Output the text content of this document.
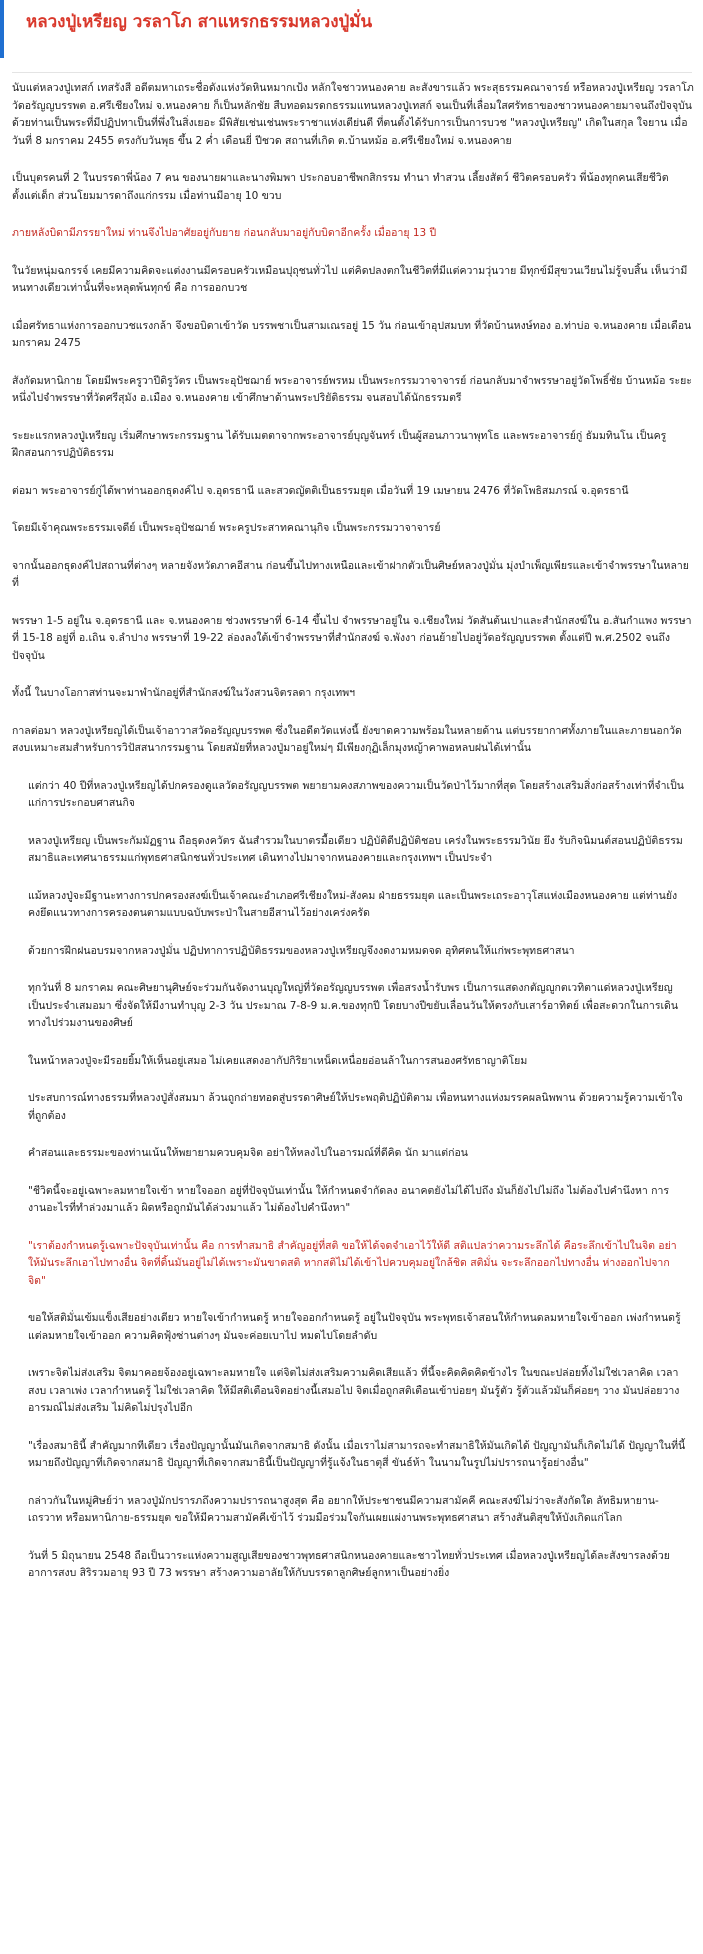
หลวงปู่เหรียญ วรลาโภ สาแหรกธรรมหลวงปู่มั่น

นับแต่หลวงปู่เทสก์ เทสรังสี อดีตมหาเถระชื่อดังแห่งวัดหินหมากเป้ง หลักใจชาวหนองคาย ละสังขารแล้ว พระสุธรรมคณาจารย์ หรือหลวงปู่เหรียญ วรลาโภ วัดอรัญญบรรพต อ.ศรีเชียงใหม่ จ.หนองคาย ก็เป็นหลักชัย สืบทอดมรดกธรรมแทนหลวงปู่เทสก์ จนเป็นที่เลื่อมใสศรัทธาของชาวหนองคายมาจนถึงปัจจุบัน ด้วยท่านเป็นพระที่มีปฏิปทาเป็นที่พึ่งในสิ่งเยอะ มีพิสัยเช่นเช่นพระราชาแห่งเตีย่นตี ที่ตนตั้งได้รับการเป็นการบวช "หลวงปู่เหรียญ" เกิดในสกุล ใจยาน เมื่อวันที่ 8 มกราคม 2455 ตรงกับวันพุธ ขึ้น 2 ค่ำ เดือนยี่ ปีชวด สถานที่เกิด ต.บ้านหม้อ อ.ศรีเชียงใหม่ จ.หนองคาย

เป็นบุตรคนที่ 2 ในบรรดาพี่น้อง 7 คน ของนายผาและนางพิมพา ประกอบอาชีพกสิกรรม ทำนา ทำสวน เลี้ยงสัตว์ ชีวิตครอบครัว พี่น้องทุกคนเสียชีวิตตั้งแต่เด็ก ส่วนโยมมารดาถึงแก่กรรม เมื่อท่านมีอายุ 10 ขวบ

ภายหลังบิดามีภรรยาใหม่ ท่านจึงไปอาศัยอยู่กับยาย ก่อนกลับมาอยู่กับบิดาอีกครั้ง เมื่ออายุ 13 ปี

ในวัยหนุ่มฉกรรจ์ เคยมีความคิดจะแต่งงานมีครอบครัวเหมือนปุถุชนทั่วไป แต่คิดปลงตกในชีวิตที่มีแต่ความวุ่นวาย มีทุกข์มีสุขวนเวียนไม่รู้จบสิ้น เห็นว่ามีหนทางเดียวเท่านั้นที่จะหลุดพ้นทุกข์ คือ การออกบวช

เมื่อศรัทธาแห่งการออกบวชแรงกล้า จึงขอบิดาเข้าวัด บรรพชาเป็นสามเณรอยู่ 15 วัน ก่อนเข้าอุปสมบท ที่วัดบ้านหงษ์ทอง อ.ท่าบ่อ จ.หนองคาย เมื่อเดือนมกราคม 2475

สังกัดมหานิกาย โดยมีพระครูวาปีดิรูวัตร เป็นพระอุปัชฌาย์ พระอาจารย์พรหม เป็นพระกรรมวาจาจารย์ ก่อนกลับมาจำพรรษาอยู่วัดโพธิ์ชัย บ้านหม้อ ระยะหนึ่งไปจำพรรษาที่วัดศรีสุมัง อ.เมือง จ.หนองคาย เข้าศึกษาด้านพระปริยัติธรรม จนสอบได้นักธรรมตรี

ระยะแรกหลวงปู่เหรียญ เริ่มศึกษาพระกรรมฐาน ได้รับเมตตาจากพระอาจารย์บุญจันทร์ เป็นผู้สอนภาวนาพุทโธ และพระอาจารย์กู่ ธัมมทินโน เป็นครูฝึกสอนการปฏิบัติธรรม

ต่อมา พระอาจารย์กู่ได้พาท่านออกธุดงค์ไป จ.อุดรธานี และสวดญัตติเป็นธรรมยุต เมื่อวันที่ 19 เมษายน 2476 ที่วัดโพธิสมภรณ์ จ.อุดรธานี

โดยมีเจ้าคุณพระธรรมเจดีย์ เป็นพระอุปัชฌาย์ พระครูประสาทคณานุกิจ เป็นพระกรรมวาจาจารย์

จากนั้นออกธุดงค์ไปสถานที่ต่างๆ หลายจังหวัดภาคอีสาน ก่อนขึ้นไปทางเหนือและเข้าฝากตัวเป็นศิษย์หลวงปู่มั่น มุ่งบำเพ็ญเพียรและเข้าจำพรรษาในหลายที่

พรรษา 1-5 อยู่ใน จ.อุดรธานี และ จ.หนองคาย ช่วงพรรษาที่ 6-14 ขึ้นไป จำพรรษาอยู่ใน จ.เชียงใหม่ วัดสันต้นเปาและสำนักสงฆ์ใน อ.สันกำแพง พรรษาที่ 15-18 อยู่ที่ อ.เถิน จ.ลำปาง พรรษาที่ 19-22 ล่องลงใต้เข้าจำพรรษาที่สำนักสงฆ์ จ.พังงา ก่อนย้ายไปอยู่วัดอรัญญบรรพต ตั้งแต่ปี พ.ศ.2502 จนถึงปัจจุบัน

ทั้งนี้ ในบางโอกาสท่านจะมาพำนักอยู่ที่สำนักสงฆ์ในวังสวนจิตรลดา กรุงเทพฯ

กาลต่อมา หลวงปู่เหรียญได้เป็นเจ้าอาวาสวัดอรัญญบรรพต ซึ่งในอดีตวัดแห่งนี้ ยังขาดความพร้อมในหลายด้าน แต่บรรยากาศทั้งภายในและภายนอกวัดสงบเหมาะสมสำหรับการวิปัสสนากรรมฐาน โดยสมัยที่หลวงปู่มาอยู่ใหม่ๆ มีเพียงกุฏิเล็กมุงหญ้าคาพอหลบฝนได้เท่านั้น

แต่กว่า 40 ปีที่หลวงปู่เหรียญได้ปกครองดูแลวัดอรัญญบรรพต พยายามคงสภาพของความเป็นวัดป่าไว้มากที่สุด โดยสร้างเสริมสิ่งก่อสร้างเท่าที่จำเป็นแก่การประกอบศาสนกิจ

หลวงปู่เหรียญ เป็นพระกัมมัฏฐาน ถือธุดงควัตร ฉันสำรวมในบาตรมื้อเดียว ปฏิบัติดีปฏิบัติชอบ เคร่งในพระธรรมวินัย ยึง รับกิจนิมนต์สอนปฏิบัติธรรมสมาธิและเทศนาธรรมแก่พุทธศาสนิกชนทั่วประเทศ เดินทางไปมาจากหนองคายและกรุงเทพฯ เป็นประจำ

แม้หลวงปู่จะมีฐานะทางการปกครองสงฆ์เป็นเจ้าคณะอำเภอศรีเชียงใหม่-สังคม ฝ่ายธรรมยุต และเป็นพระเถระอาวุโสแห่งเมืองหนองคาย แต่ท่านยังคงยึดแนวทางการครองตนตามแบบฉบับพระป่าในสายอีสานไว้อย่างเคร่งครัด

ด้วยการฝึกฝนอบรมจากหลวงปู่มั่น ปฏิปทาการปฏิบัติธรรมของหลวงปู่เหรียญจึงงดงามหมดจด อุทิศตนให้แก่พระพุทธศาสนา

ทุกวันที่ 8 มกราคม คณะศิษยานุศิษย์จะร่วมกันจัดงานบุญใหญ่ที่วัดอรัญญบรรพต เพื่อสรงน้ำรับพร เป็นการแสดงกตัญญูกตเวทิตาแด่หลวงปู่เหรียญ เป็นประจำเสมอมา ซึ่งจัดให้มีงานทำบุญ 2-3 วัน ประมาณ 7-8-9 ม.ค.ของทุกปี โดยบางปีขยับเลื่อนวันให้ตรงกับเสาร์อาทิตย์ เพื่อสะดวกในการเดินทางไปร่วมงานของศิษย์

ในหน้าหลวงปู่จะมีรอยยิ้มให้เห็นอยู่เสมอ ไม่เคยแสดงอากัปกิริยาเหน็ดเหนื่อยอ่อนล้าในการสนองศรัทธาญาติโยม

ประสบการณ์ทางธรรมที่หลวงปู่สั่งสมมา ล้วนถูกถ่ายทอดสู่บรรดาศิษย์ให้ประพฤติปฏิบัติตาม เพื่อหนทางแห่งมรรคผลนิพพาน ด้วยความรู้ความเข้าใจที่ถูกต้อง

คำสอนและธรรมะของท่านเน้นให้พยายามควบคุมจิต อย่าให้หลงไปในอารมณ์ที่ดีคิด นัก มาแต่ก่อน

"ชีวิตนี้จะอยู่เฉพาะลมหายใจเข้า หายใจออก อยู่ที่ปัจจุบันเท่านั้น ให้กำหนดจำกัดลง อนาคตยังไม่ได้ไปถึง มันก็ยังไปไม่ถึง ไม่ต้องไปคำนึงหา การงานอะไรที่ทำล่วงมาแล้ว ผิดหรือถูกมันได้ล่วงมาแล้ว ไม่ต้องไปคำนึงหา"

"เราต้องกำหนดรู้เฉพาะปัจจุบันเท่านั้น คือ การทำสมาธิ สำคัญอยู่ที่สติ ขอให้ได้จดจำเอาไว้ให้ดี สติแปลว่าความระลึกได้ คือระลึกเข้าไปในจิต อย่าให้มันระลึกเอาไปทางอื่น จิตที่ดิ้นมันอยู่ไม่ได้เพราะมันขาดสติ หากสติไม่ได้เข้าไปควบคุมอยู่ใกล้ชิด สติมั่น จะระลึกออกไปทางอื่น ห่างออกไปจากจิต"

ขอให้สติมั่นเข้มแข็งเสียอย่างเดียว หายใจเข้ากำหนดรู้ หายใจออกกำหนดรู้ อยู่ในปัจจุบัน พระพุทธเจ้าสอนให้กำหนดลมหายใจเข้าออก เพ่งกำหนดรู้แต่ลมหายใจเข้าออก ความคิดฟุ้งซ่านต่างๆ มันจะค่อยเบาไป หมดไปโดยลำดับ

เพราะจิตไม่ส่งเสริม จิตมาคอยจ้องอยู่เฉพาะลมหายใจ แต่จิตไม่ส่งเสริมความคิดเสียแล้ว ที่นี้จะคิดคิดคิดข้างไร ในขณะปล่อยทิ้งไม่ใช่เวลาคิด เวลาสงบ เวลาเพ่ง เวลากำหนดรู้ ไม่ใช่เวลาคิด ให้มีสติเตือนจิตอย่างนี้เสมอไป จิตเมื่อถูกสติเตือนเข้าบ่อยๆ มันรู้ตัว รู้ตัวแล้วมันก็ค่อยๆ วาง มันปล่อยวางอารมณ์ไม่ส่งเสริม ไม่คิดไม่ปรุงไปอีก

"เรื่องสมาธินี้ สำคัญมากทีเดียว เรื่องปัญญานั้นมันเกิดจากสมาธิ ดังนั้น เมื่อเราไม่สามารถจะทำสมาธิให้มันเกิดได้ ปัญญามันก็เกิดไม่ได้ ปัญญาในที่นี้หมายถึงปัญญาที่เกิดจากสมาธิ ปัญญาที่เกิดจากสมาธินี้เป็นปัญญาที่รู้แจ้งในธาตุสี่ ขันธ์ห้า ในนามในรูปไม่ปรารถนารู้อย่างอื่น"

กล่าวกันในหมู่ศิษย์ว่า หลวงปู่มักปรารภถึงความปรารถนาสูงสุด คือ อยากให้ประชาชนมีความสามัคคี คณะสงฆ์ไม่ว่าจะสังกัดใด ลัทธิมหายาน-เถรวาท หรือมหานิกาย-ธรรมยุต ขอให้มีความสามัคคีเข้าไว้ ร่วมมือร่วมใจกันเผยแผ่งานพระพุทธศาสนา สร้างสันติสุขให้บังเกิดแก่โลก

วันที่ 5 มิถุนายน 2548 ถือเป็นวาระแห่งความสูญเสียของชาวพุทธศาสนิกหนองคายและชาวไทยทั่วประเทศ เมื่อหลวงปู่เหรียญได้ละสังขารลงด้วยอาการสงบ สิริรวมอายุ 93 ปี 73 พรรษา สร้างความอาลัยให้กับบรรดาลูกศิษย์ลูกหาเป็นอย่างยิ่ง
